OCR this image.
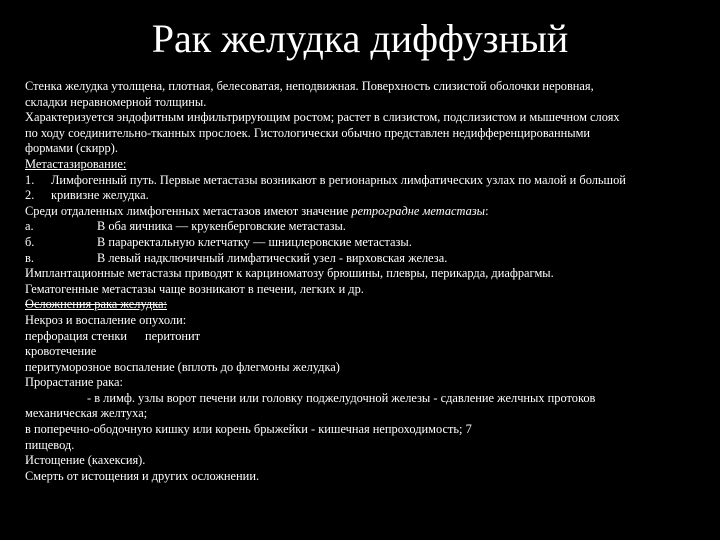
Рак желудка диффузный
Стенка желудка утолщена, плотная, белесоватая, неподвижная. Поверхность слизистой оболочки неровная,
складки неравномерной толщины.
Характеризуется эндофитным инфильтрирующим ростом; растет в слизистом, подслизистом и мышечном слоях
по ходу соединительно-тканных прослоек. Гистологически обычно представлен недифференцированными
формами (скирр).
Метастазирование:
1. Лимфогенный путь. Первые метастазы возникают в регионарных лимфатических узлах по малой и большой
2. кривизне желудка.
Среди отдаленных лимфогенных метастазов имеют значение ретроградне метастазы:
а.	В оба яичника — крукенберговские метастазы.
б.	В параректальную клетчатку — шницлеровские метастазы.
в.	В левый надключичный лимфатический узел - вирховская железа.
Имплантационные метастазы приводят к карциноматозу брюшины, плевры, перикарда, диафрагмы.
Гематогенные метастазы чаще возникают в печени, легких и др.
Осложнения рака желудка:
Некроз и воспаление опухоли:
перфорация стенки перитонит
кровотечение
перитуморозное воспаление (вплоть до флегмоны желудка)
Прорастание рака:
- в лимф. узлы ворот печени или головку поджелудочной железы - сдавление желчных протоков
механическая желтуха;
в поперечно-ободочную кишку или корень брыжейки - кишечная непроходимость; 7
пищевод.
Истощение (кахексия).
Смерть от истощения и других осложнении.
